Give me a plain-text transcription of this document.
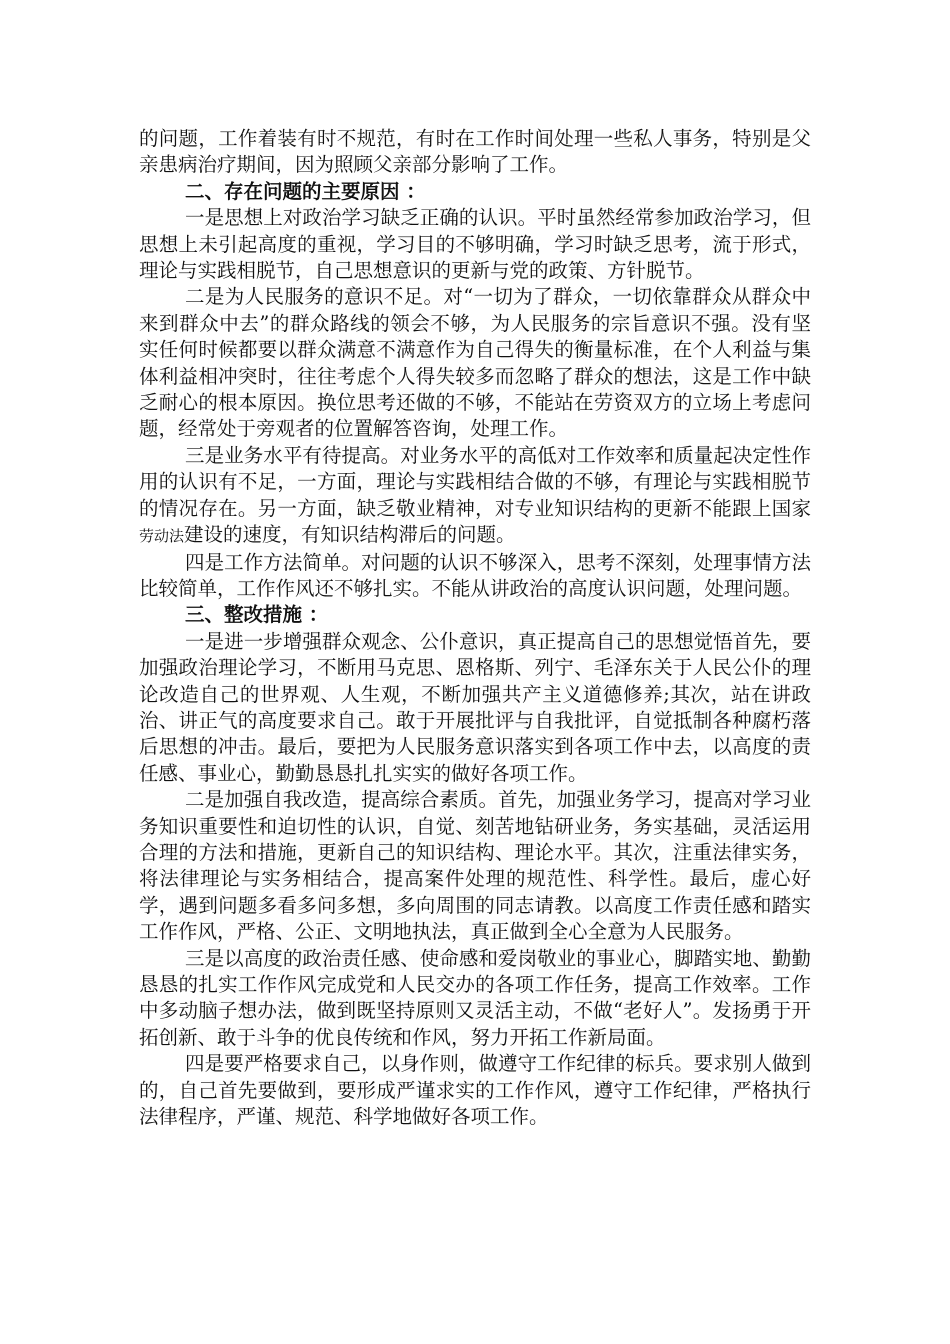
的问题，工作着装有时不规范，有时在工作时间处理一些私人事务，特别是父亲患病治疗期间，因为照顾父亲部分影响了工作。

二、存在问题的主要原因 ：

一是思想上对政治学习缺乏正确的认识。平时虽然经常参加政治学习，但思想上未引起高度的重视，学习目的不够明确，学习时缺乏思考，流于形式，理论与实践相脱节，自己思想意识的更新与党的政策、方针脱节。

二是为人民服务的意识不足。对“一切为了群众，一切依靠群众从群众中来到群众中去”的群众路线的领会不够，为人民服务的宗旨意识不强。没有坚实任何时候都要以群众满意不满意作为自己得失的衡量标准，在个人利益与集体利益相冲突时，往往考虑个人得失较多而忽略了群众的想法，这是工作中缺乏耐心的根本原因。换位思考还做的不够，不能站在劳资双方的立场上考虑问题，经常处于旁观者的位置解答咨询，处理工作。

三是业务水平有待提高。对业务水平的高低对工作效率和质量起决定性作用的认识有不足，一方面，理论与实践相结合做的不够，有理论与实践相脱节的情况存在。另一方面，缺乏敬业精神，对专业知识结构的更新不能跟上国家劳动法建设的速度，有知识结构滞后的问题。

四是工作方法简单。对问题的认识不够深入，思考不深刻，处理事情方法比较简单，工作作风还不够扎实。不能从讲政治的高度认识问题，处理问题。

三、整改措施 ：

一是进一步增强群众观念、公仆意识，真正提高自己的思想觉悟首先，要加强政治理论学习，不断用马克思、恩格斯、列宁、毛泽东关于人民公仆的理论改造自己的世界观、人生观，不断加强共产主义道德修养;其次，站在讲政治、讲正气的高度要求自己。敢于开展批评与自我批评，自觉抵制各种腐朽落后思想的冲击。最后，要把为人民服务意识落实到各项工作中去，以高度的责任感、事业心，勤勤恳恳扎扎实实的做好各项工作。

二是加强自我改造，提高综合素质。首先，加强业务学习，提高对学习业务知识重要性和迫切性的认识，自觉、刻苦地钻研业务，务实基础，灵活运用合理的方法和措施，更新自己的知识结构、理论水平。其次，注重法律实务，将法律理论与实务相结合，提高案件处理的规范性、科学性。最后，虚心好学，遇到问题多看多问多想，多向周围的同志请教。以高度工作责任感和踏实工作作风，严格、公正、文明地执法，真正做到全心全意为人民服务。

三是以高度的政治责任感、使命感和爱岗敬业的事业心，脚踏实地、勤勤恳恳的扎实工作作风完成党和人民交办的各项工作任务，提高工作效率。工作中多动脑子想办法，做到既坚持原则又灵活主动，不做“老好人”。发扬勇于开拓创新、敢于斗争的优良传统和作风，努力开拓工作新局面。

四是要严格要求自己，以身作则，做遵守工作纪律的标兵。要求别人做到的，自己首先要做到，要形成严谨求实的工作作风，遵守工作纪律，严格执行法律程序，严谨、规范、科学地做好各项工作。
